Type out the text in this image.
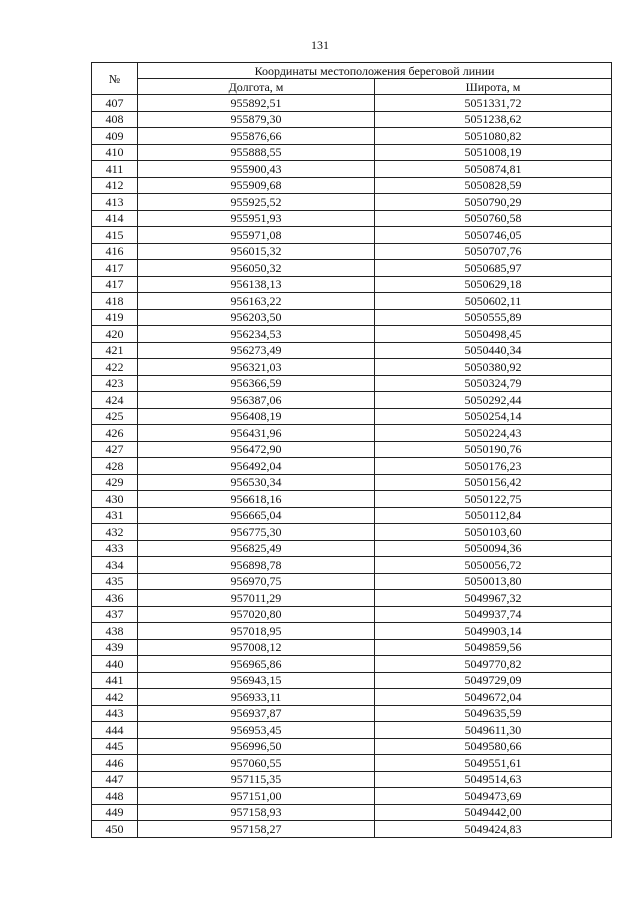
131
№	Координаты местоположения береговой линии	
	Долгота, м	Широта, м
407	955892,51	5051331,72
408	955879,30	5051238,62
409	955876,66	5051080,82
410	955888,55	5051008,19
411	955900,43	5050874,81
412	955909,68	5050828,59
413	955925,52	5050790,29
414	955951,93	5050760,58
415	955971,08	5050746,05
416	956015,32	5050707,76
417	956050,32	5050685,97
417	956138,13	5050629,18
418	956163,22	5050602,11
419	956203,50	5050555,89
420	956234,53	5050498,45
421	956273,49	5050440,34
422	956321,03	5050380,92
423	956366,59	5050324,79
424	956387,06	5050292,44
425	956408,19	5050254,14
426	956431,96	5050224,43
427	956472,90	5050190,76
428	956492,04	5050176,23
429	956530,34	5050156,42
430	956618,16	5050122,75
431	956665,04	5050112,84
432	956775,30	5050103,60
433	956825,49	5050094,36
434	956898,78	5050056,72
435	956970,75	5050013,80
436	957011,29	5049967,32
437	957020,80	5049937,74
438	957018,95	5049903,14
439	957008,12	5049859,56
440	956965,86	5049770,82
441	956943,15	5049729,09
442	956933,11	5049672,04
443	956937,87	5049635,59
444	956953,45	5049611,30
445	956996,50	5049580,66
446	957060,55	5049551,61
447	957115,35	5049514,63
448	957151,00	5049473,69
449	957158,93	5049442,00
450	957158,27	5049424,83
